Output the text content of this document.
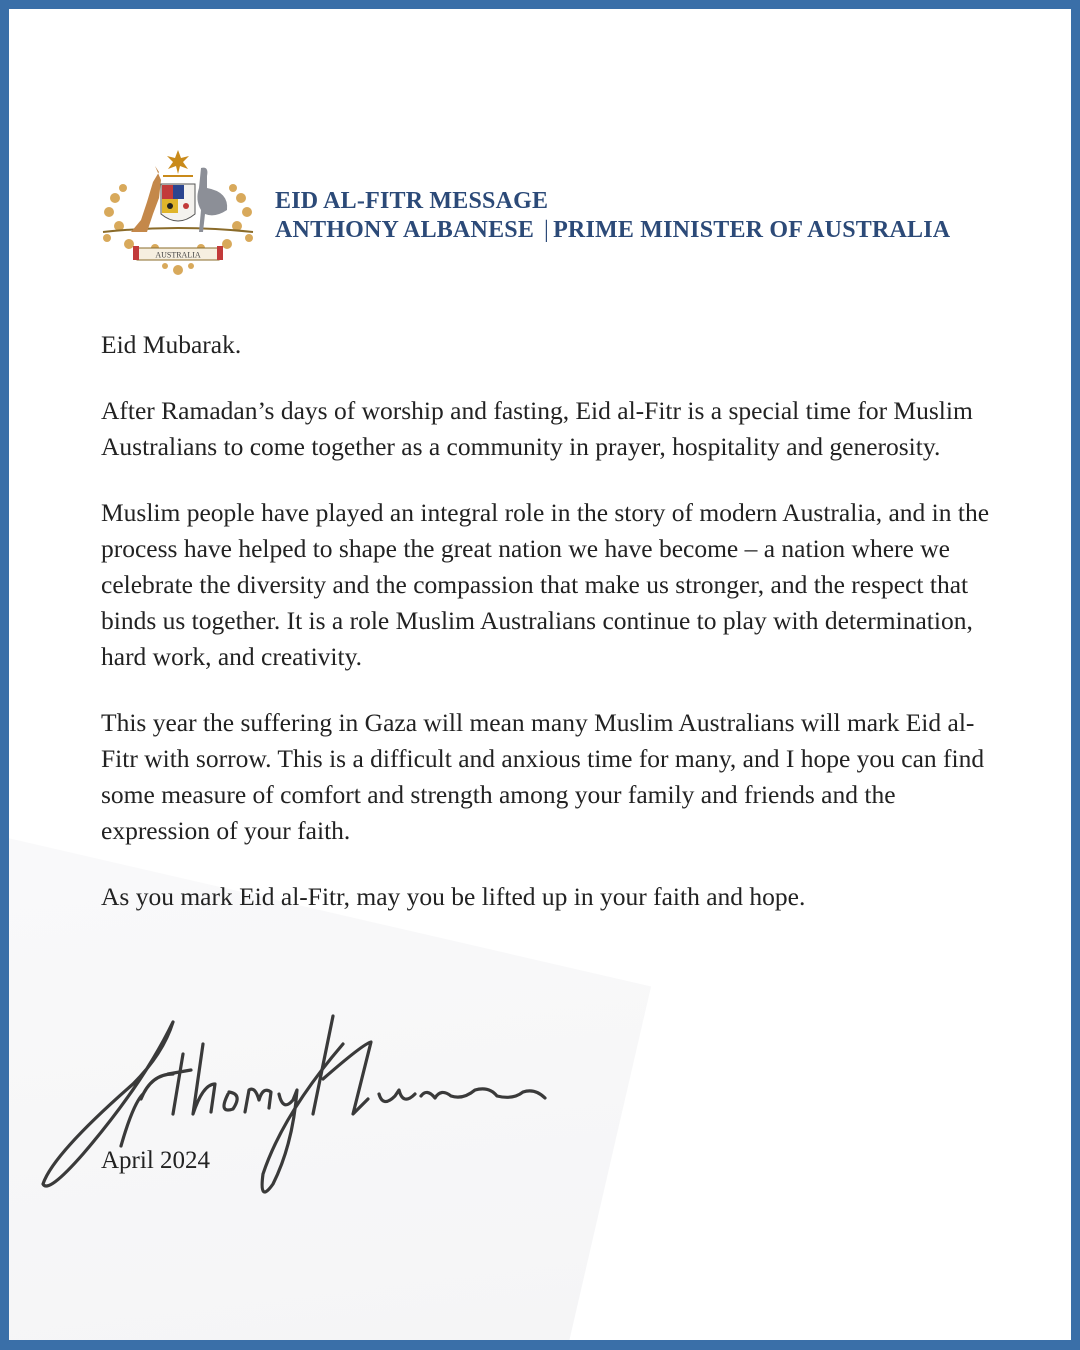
AUSTRALIA
EID AL-FITR MESSAGE
ANTHONY ALBANESE | PRIME MINISTER OF AUSTRALIA

Eid Mubarak.

After Ramadan’s days of worship and fasting, Eid al-Fitr is a special time for Muslim Australians to come together as a community in prayer, hospitality and generosity.

Muslim people have played an integral role in the story of modern Australia, and in the process have helped to shape the great nation we have become – a nation where we celebrate the diversity and the compassion that make us stronger, and the respect that binds us together. It is a role Muslim Australians continue to play with determination, hard work, and creativity.

This year the suffering in Gaza will mean many Muslim Australians will mark Eid al-Fitr with sorrow. This is a difficult and anxious time for many, and I hope you can find some measure of comfort and strength among your family and friends and the expression of your faith.

As you mark Eid al-Fitr, may you be lifted up in your faith and hope.

April 2024
